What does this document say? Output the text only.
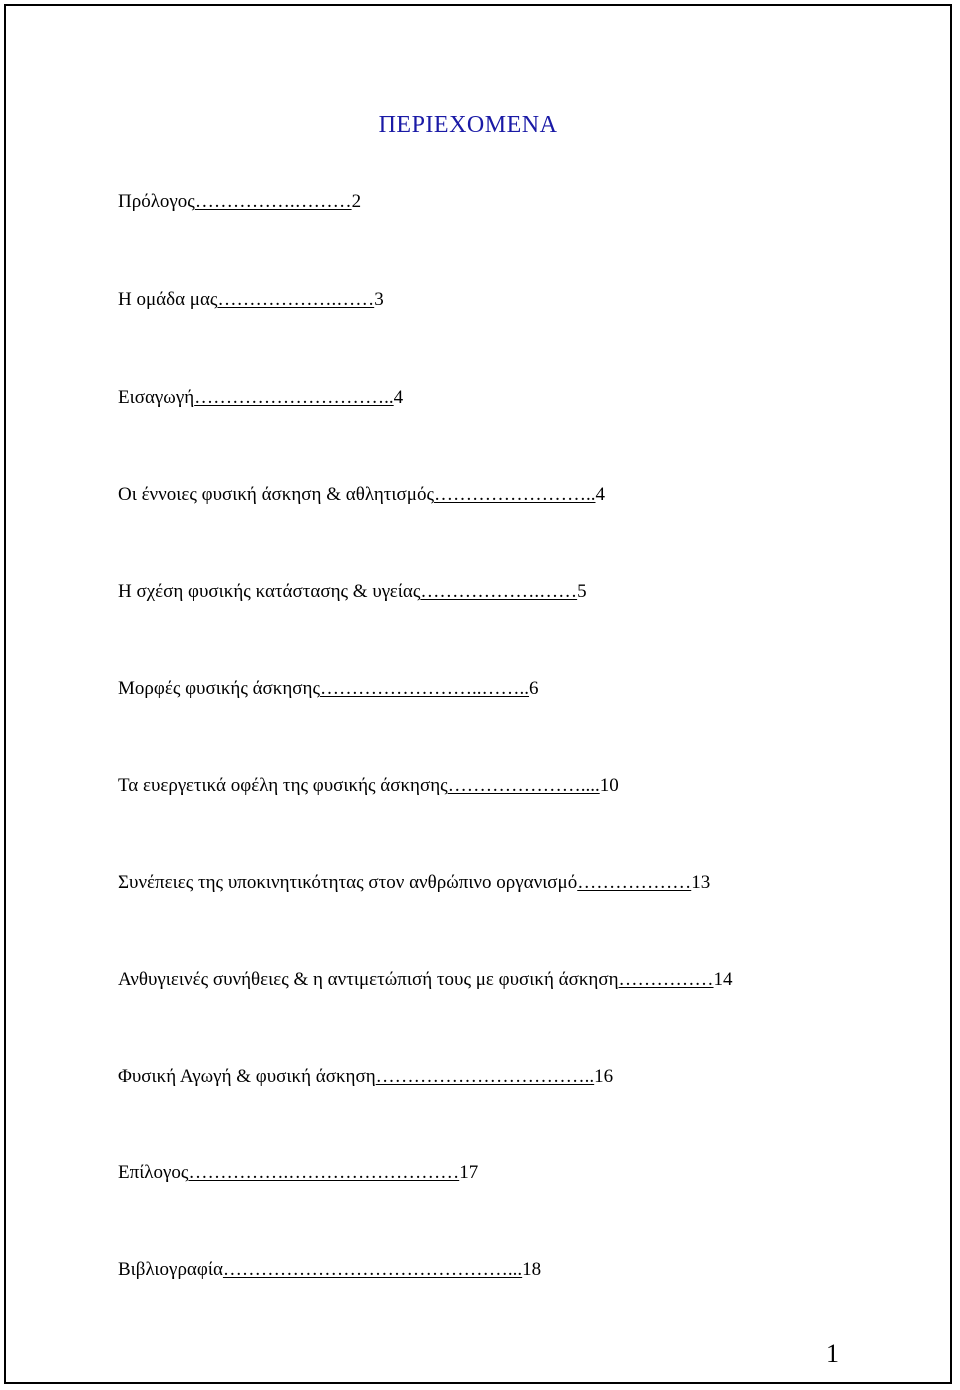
ΠΕΡΙΕΧΟΜΕΝΑ

Πρόλογος…………….………2

Η ομάδα μας……………….……3

Εισαγωγή…………………………..4

Οι έννοιες φυσική άσκηση & αθλητισμός……………………..4

Η σχέση φυσικής κατάστασης & υγείας……………….……5

Μορφές φυσικής άσκησης……………………..……..6

Τα ευεργετικά οφέλη της φυσικής άσκησης…………………....10

Συνέπειες της υποκινητικότητας στον ανθρώπινο οργανισμό………………13

Ανθυγιεινές συνήθειες & η αντιμετώπισή τους με φυσική άσκηση……………14

Φυσική Αγωγή & φυσική άσκηση……………………………..16

Επίλογος…………….………………………17

Βιβλιογραφία………………………………………...18

1
